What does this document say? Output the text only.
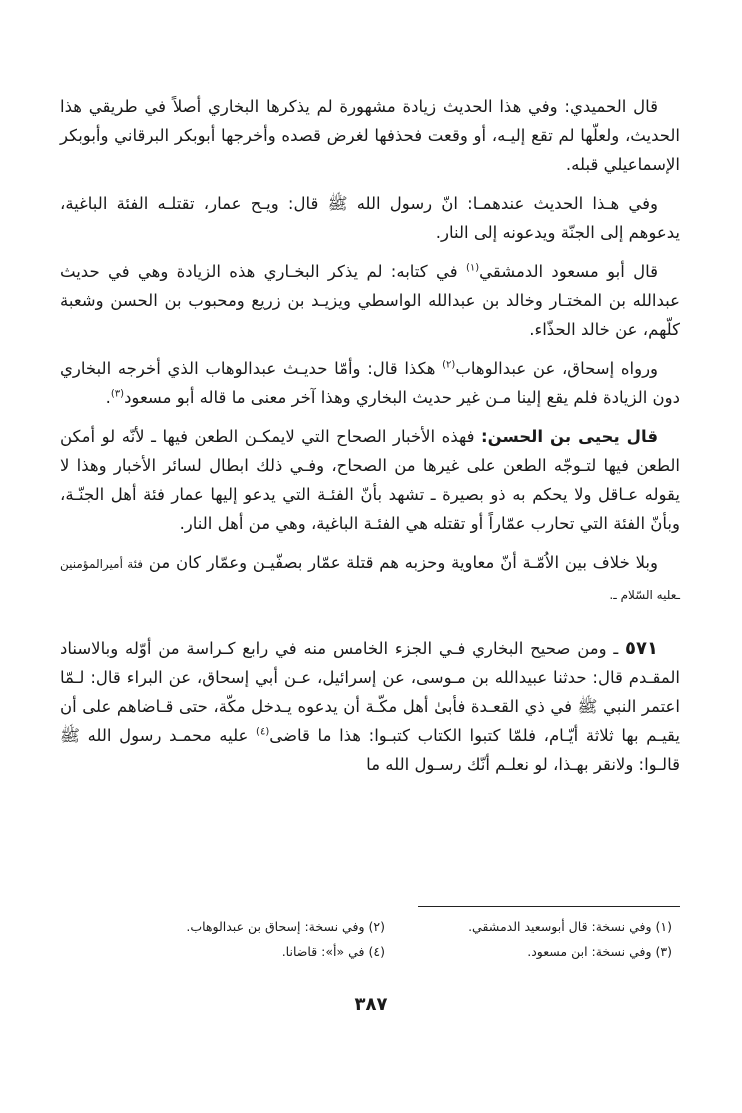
قال الحميدي: وفي هذا الحديث زيادة مشهورة لم يذكرها البخاري أصلاً في طريقي هذا الحديث، ولعلّها لم تقع إليـه، أو وقعت فحذفها لغرض قصده وأخرجها أبوبكر البرقاني وأبوبكر الإسماعيلي قبله.

وفي هـذا الحديث عندهمـا: انّ رسول الله ﷺ قال: ويـح عمار، تقتلـه الفئة الباغية، يدعوهم إلى الجنّة ويدعونه إلى النار.

قال أبو مسعود الدمشقي$^{(١)}$ في كتابه: لم يذكر البخـاري هذه الزيادة وهي في حديث عبدالله بن المختـار وخالد بن عبدالله الواسطي ويزيـد بن زريع ومحبوب بن الحسن وشعبة كلّهم، عن خالد الحذّاء.

ورواه إسحاق، عن عبدالوهاب$^{(٢)}$ هكذا قال: وأمّا حديـث عبدالوهاب الذي أخرجه البخاري دون الزيادة فلم يقع إلينا مـن غير حديث البخاري وهذا آخر معنى ما قاله أبو مسعود$^{(٣)}$.

قال يحيى بن الحسن: فهذه الأخبار الصحاح التي لايمكـن الطعن فيها ـ لأنّه لو أمكن الطعن فيها لتـوجّه الطعن على غيرها من الصحاح، وفـي ذلك ابطال لسائر الأخبار وهذا لا يقوله عـاقل ولا يحكم به ذو بصيرة ـ تشهد بأنّ الفئـة التي يدعو إليها عمار فئة أهل الجنّـة، وبأنّ الفئة التي تحارب عمّاراً أو تقتله هي الفئـة الباغية، وهي من أهل النار.

وبلا خلاف بين الاُمّـة أنّ معاوية وحزبه هم قتلة عمّار بصفّيـن وعمّار كان من فئة أميرالمؤمنين ـعليه السّلام ـ.

٥٧١ ـ ومن صحيح البخاري فـي الجزء الخامس منه في رابع كـراسة من أوّله وبالاسناد المقـدم قال: حدثنا عبيدالله بن مـوسى، عن إسرائيل، عـن أبي إسحاق، عن البراء قال: لـمّا اعتمر النبي ﷺ في ذي القعـدة فأبىٰ أهل مكّـة أن يدعوه يـدخل مكّة، حتى قـاضاهم على أن يقيـم بها ثلاثة أيّـام، فلمّا كتبوا الكتاب كتبـوا: هذا ما قاضى$^{(٤)}$ عليه محمـد رسول الله ﷺ قالـوا: ولانقر بهـذا، لو نعلـم أنّك رسـول الله ما

(١) وفي نسخة: قال أبوسعيد الدمشقي.
(٢) وفي نسخة: إسحاق بن عبدالوهاب.
(٣) وفي نسخة: ابن مسعود.
(٤) في «أ»: قاضانا.
٣٨٧
